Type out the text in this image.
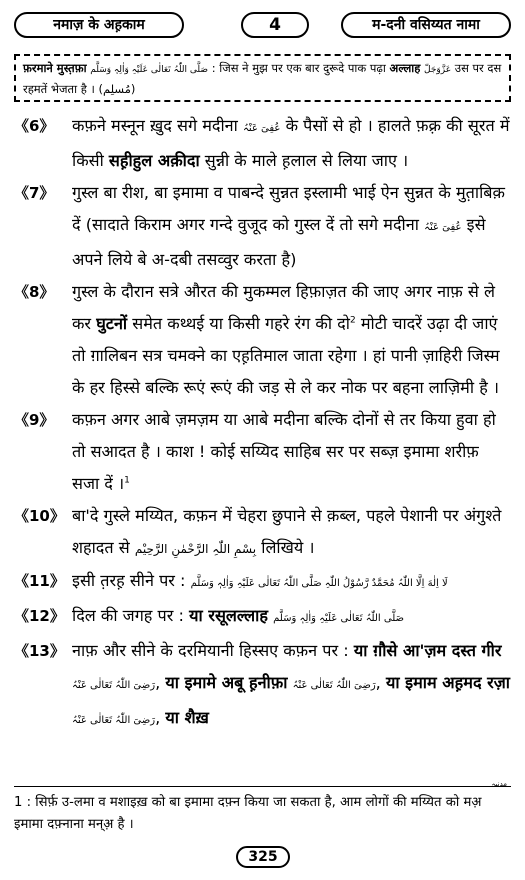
नमाज़ के अह़काम	4	म-दनी वसिय्यत नामा
फ़रमाने मुस्त़फ़ा صَلَّی اللّٰہُ تَعَالٰی عَلَیْہِ وَاٰلِہٖ وَسَلَّم : जिस ने मुझ पर एक बार दुरूदे पाक पढ़ा अल्लाह عَزَّوَجَلّ उस पर दस रहमतें भेजता है । (مُسلِم)
《6》 कफ़ने मस्नून ख़ुद सगे मदीना عُفِیَ عَنْہُ के पैसों से हो । हालते फ़क़्र की सूरत में किसी सह़ीहुल अक़ीदा सुन्नी के माले ह़लाल से लिया जाए ।
《7》 गुस्ल बा रीश, बा इमामा व पाबन्दे सुन्नत इस्लामी भाई ऐन सुन्नत के मुत़ाबिक़ दें (सादाते किराम अगर गन्दे वुजूद को गुस्ल दें तो सगे मदीना عُفِیَ عَنْہُ इसे अपने लिये बे अ-दबी तसव्वुर करता है)
《8》 गुस्ल के दौरान सत्रे औरत की मुकम्मल हिफ़ाज़त की जाए अगर नाफ़ से ले कर घुटनों समेत कथ्थई या किसी गहरे रंग की दो$^2$ मोटी चादरें उढ़ा दी जाएं तो ग़ालिबन सत्र चमक्ने का एह़तिमाल जाता रहेगा । हां पानी ज़ाहिरी जिस्म के हर हिस्से बल्कि रूएं रूएं की जड़ से ले कर नोक पर बहना लाज़िमी है ।
《9》 कफ़न अगर आबे ज़मज़म या आबे मदीना बल्कि दोनों से तर किया हुवा हो तो सआदत है । काश ! कोई सय्यिद साहिब सर पर सब्ज़ इमामा शरीफ़ सजा दें ।$^1$
《10》 बा'दे गुस्ले मय्यित, कफ़न में चेहरा छुपाने से क़ब्ल, पहले पेशानी पर अंगुश्ते शहादत से بِسْمِ اللّٰہِ الرَّحْمٰنِ الرَّحِیْم लिखिये ।
《11》 इसी त़रह़ सीने पर : لَا اِلٰهَ اِلَّا اللّٰہُ مُحَمَّدٌ رَّسُوْلُ اللّٰہِ صَلَّی اللّٰہُ تَعَالٰی عَلَیْہِ وَاٰلِہٖ وَسَلَّم
《12》 दिल की जगह पर : या रसूलल्लाह صَلَّی اللّٰہُ تَعَالٰی عَلَیْہِ وَاٰلِہٖ وَسَلَّم
《13》 नाफ़ और सीने के दरमियानी हिस्सए कफ़न पर : या ग़ौसे आ'ज़म दस्त गीर رَضِیَ اللّٰہُ تَعَالٰی عَنْہُ, या इमामे अबू ह़नीफ़ा رَضِیَ اللّٰہُ تَعَالٰی عَنْہُ, या इमाम अह़मद रज़ा رَضِیَ اللّٰہُ تَعَالٰی عَنْہُ, या शैख़
مدنیہ
1 : सिर्फ़ उ-लमा व मशाइख़ को बा इमामा दफ़्न किया जा सकता है, आम लोगों की मय्यित को मअ़ इमामा दफ़्नाना मन्अ़ है ।
325
